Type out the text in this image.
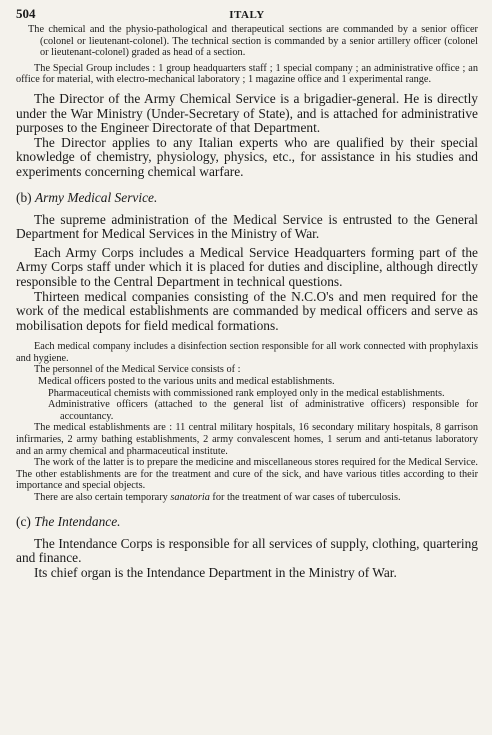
504	ITALY

The chemical and the physio-pathological and therapeutical sections are commanded by a senior officer (colonel or lieutenant-colonel). The technical section is commanded by a senior artillery officer (colonel or lieutenant-colonel) graded as head of a section.

The Special Group includes : 1 group headquarters staff ; 1 special company ; an administrative office ; an office for material, with electro-mechanical laboratory ; 1 magazine office and 1 experimental range.

The Director of the Army Chemical Service is a brigadier-general. He is directly under the War Ministry (Under-Secretary of State), and is attached for administrative purposes to the Engineer Directorate of that Department.

The Director applies to any Italian experts who are qualified by their special knowledge of chemistry, physiology, physics, etc., for assistance in his studies and experiments concerning chemical warfare.

(b) Army Medical Service.

The supreme administration of the Medical Service is entrusted to the General Department for Medical Services in the Ministry of War.

Each Army Corps includes a Medical Service Headquarters forming part of the Army Corps staff under which it is placed for duties and discipline, although directly responsible to the Central Department in technical questions.

Thirteen medical companies consisting of the N.C.O's and men required for the work of the medical establishments are commanded by medical officers and serve as mobilisation depots for field medical formations.

Each medical company includes a disinfection section responsible for all work connected with prophylaxis and hygiene.

The personnel of the Medical Service consists of :

Medical officers posted to the various units and medical establishments.

Pharmaceutical chemists with commissioned rank employed only in the medical establishments.

Administrative officers (attached to the general list of administrative officers) responsible for accountancy.

The medical establishments are : 11 central military hospitals, 16 secondary military hospitals, 8 garrison infirmaries, 2 army bathing establishments, 2 army convalescent homes, 1 serum and anti-tetanus laboratory and an army chemical and pharmaceutical institute.

The work of the latter is to prepare the medicine and miscellaneous stores required for the Medical Service. The other establishments are for the treatment and cure of the sick, and have various titles according to their importance and special objects.

There are also certain temporary sanatoria for the treatment of war cases of tuberculosis.

(c) The Intendance.

The Intendance Corps is responsible for all services of supply, clothing, quartering and finance.

Its chief organ is the Intendance Department in the Ministry of War.
